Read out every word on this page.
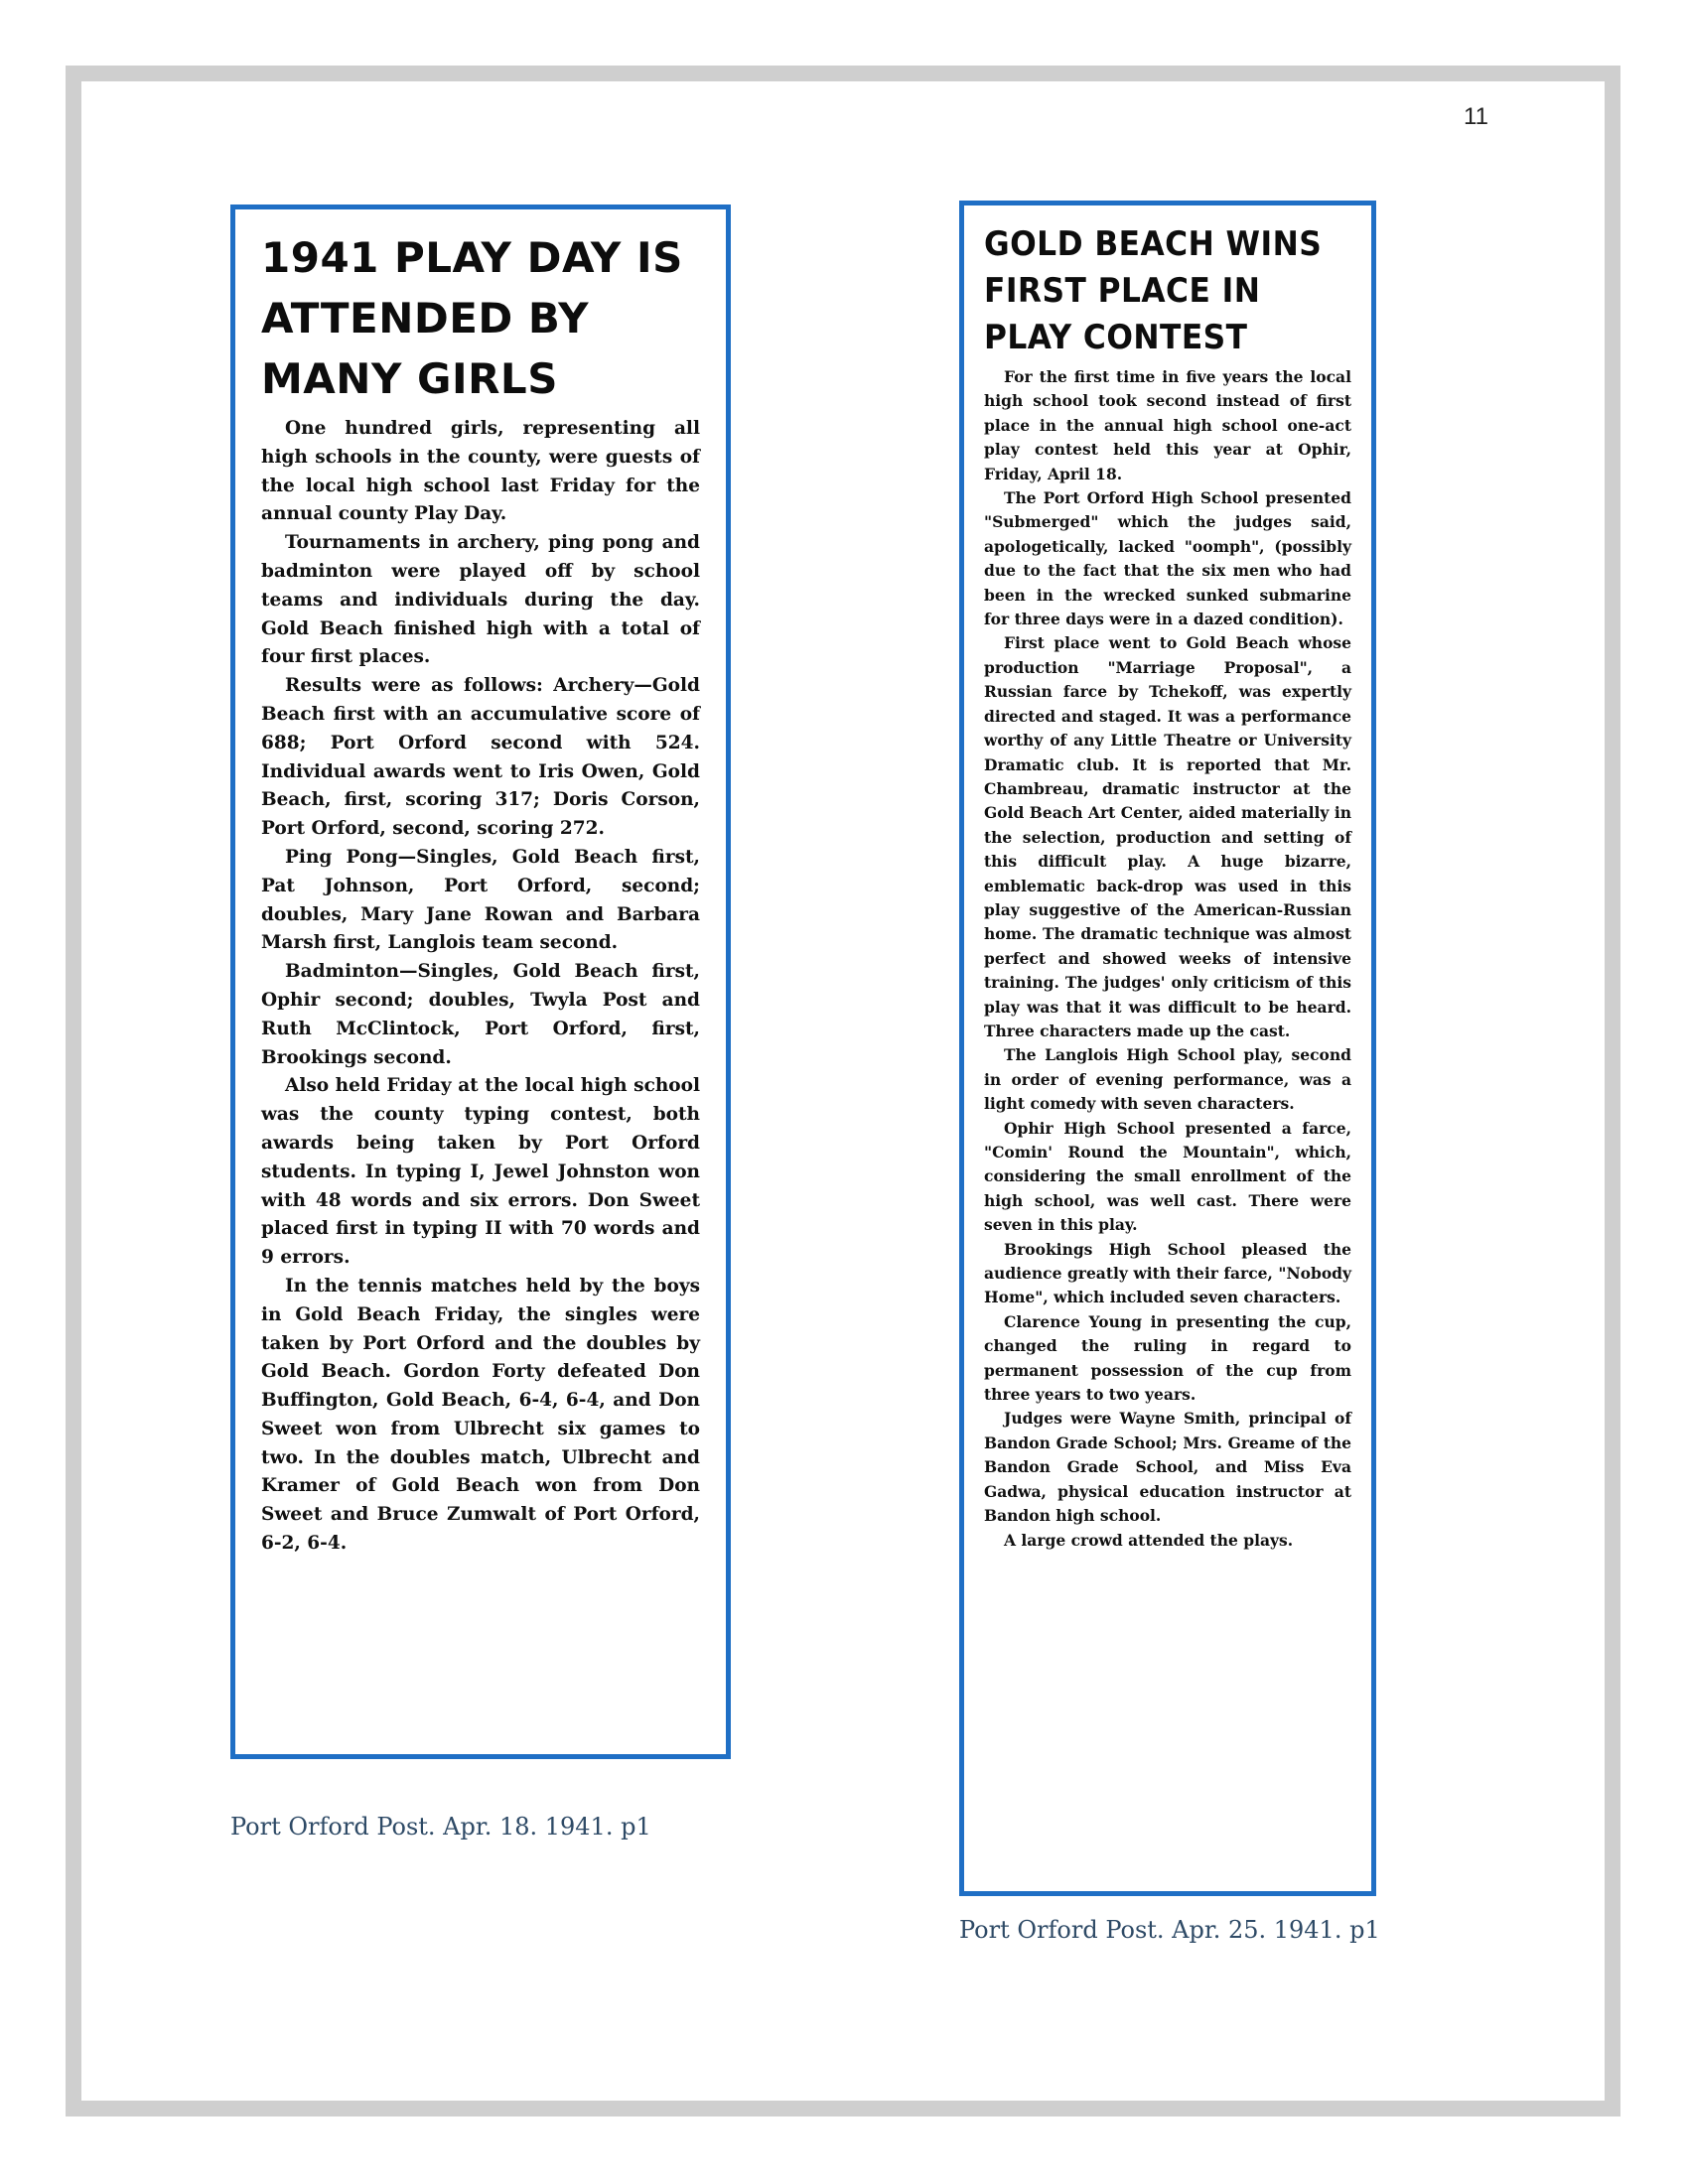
11
1941 PLAY DAY IS ATTENDED BY MANY GIRLS

One hundred girls, representing all high schools in the county, were guests of the local high school last Friday for the annual county Play Day.

Tournaments in archery, ping pong and badminton were played off by school teams and individuals during the day. Gold Beach finished high with a total of four first places.

Results were as follows: Archery—Gold Beach first with an accumulative score of 688; Port Orford second with 524. Individual awards went to Iris Owen, Gold Beach, first, scoring 317; Doris Corson, Port Orford, second, scoring 272.

Ping Pong—Singles, Gold Beach first, Pat Johnson, Port Orford, second; doubles, Mary Jane Rowan and Barbara Marsh first, Langlois team second.

Badminton—Singles, Gold Beach first, Ophir second; doubles, Twyla Post and Ruth McClintock, Port Orford, first, Brookings second.

Also held Friday at the local high school was the county typing contest, both awards being taken by Port Orford students. In typing I, Jewel Johnston won with 48 words and six errors. Don Sweet placed first in typing II with 70 words and 9 errors.

In the tennis matches held by the boys in Gold Beach Friday, the singles were taken by Port Orford and the doubles by Gold Beach. Gordon Forty defeated Don Buffington, Gold Beach, 6-4, 6-4, and Don Sweet won from Ulbrecht six games to two. In the doubles match, Ulbrecht and Kramer of Gold Beach won from Don Sweet and Bruce Zumwalt of Port Orford, 6-2, 6-4.

Port Orford Post. Apr. 18. 1941. p1
GOLD BEACH WINS FIRST PLACE IN PLAY CONTEST

For the first time in five years the local high school took second instead of first place in the annual high school one-act play contest held this year at Ophir, Friday, April 18.

The Port Orford High School presented "Submerged" which the judges said, apologetically, lacked "oomph", (possibly due to the fact that the six men who had been in the wrecked sunked submarine for three days were in a dazed condition).

First place went to Gold Beach whose production "Marriage Proposal", a Russian farce by Tchekoff, was expertly directed and staged. It was a performance worthy of any Little Theatre or University Dramatic club. It is reported that Mr. Chambreau, dramatic instructor at the Gold Beach Art Center, aided materially in the selection, production and setting of this difficult play. A huge bizarre, emblematic back-drop was used in this play suggestive of the American-Russian home. The dramatic technique was almost perfect and showed weeks of intensive training. The judges' only criticism of this play was that it was difficult to be heard. Three characters made up the cast.

The Langlois High School play, second in order of evening performance, was a light comedy with seven characters.

Ophir High School presented a farce, "Comin' Round the Mountain", which, considering the small enrollment of the high school, was well cast. There were seven in this play.

Brookings High School pleased the audience greatly with their farce, "Nobody Home", which included seven characters.

Clarence Young in presenting the cup, changed the ruling in regard to permanent possession of the cup from three years to two years.

Judges were Wayne Smith, principal of Bandon Grade School; Mrs. Greame of the Bandon Grade School, and Miss Eva Gadwa, physical education instructor at Bandon high school.

A large crowd attended the plays.

Port Orford Post. Apr. 25. 1941. p1
